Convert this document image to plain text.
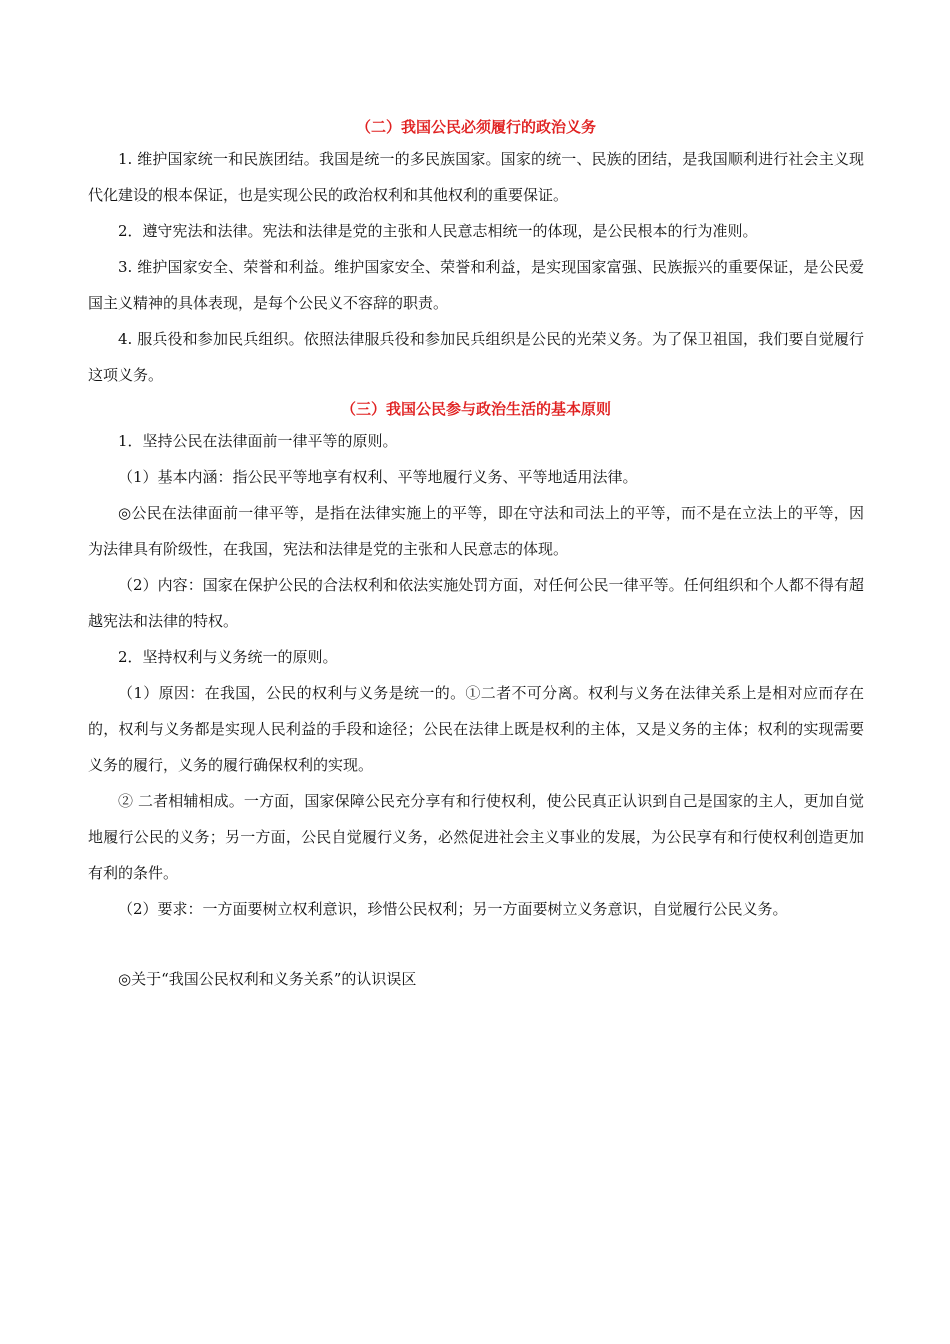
（二）我国公民必须履行的政治义务

1. 维护国家统一和民族团结。我国是统一的多民族国家。国家的统一、民族的团结，是我国顺利进行社会主义现代化建设的根本保证，也是实现公民的政治权利和其他权利的重要保证。

2．遵守宪法和法律。宪法和法律是党的主张和人民意志相统一的体现，是公民根本的行为准则。

3. 维护国家安全、荣誉和利益。维护国家安全、荣誉和利益，是实现国家富强、民族振兴的重要保证，是公民爱国主义精神的具体表现，是每个公民义不容辞的职责。

4. 服兵役和参加民兵组织。依照法律服兵役和参加民兵组织是公民的光荣义务。为了保卫祖国，我们要自觉履行这项义务。

（三）我国公民参与政治生活的基本原则

1．坚持公民在法律面前一律平等的原则。

（1）基本内涵：指公民平等地享有权利、平等地履行义务、平等地适用法律。

◎公民在法律面前一律平等，是指在法律实施上的平等，即在守法和司法上的平等，而不是在立法上的平等，因为法律具有阶级性，在我国，宪法和法律是党的主张和人民意志的体现。

（2）内容：国家在保护公民的合法权利和依法实施处罚方面，对任何公民一律平等。任何组织和个人都不得有超越宪法和法律的特权。

2．坚持权利与义务统一的原则。

（1）原因：在我国，公民的权利与义务是统一的。①二者不可分离。权利与义务在法律关系上是相对应而存在的，权利与义务都是实现人民利益的手段和途径；公民在法律上既是权利的主体，又是义务的主体；权利的实现需要义务的履行，义务的履行确保权利的实现。

② 二者相辅相成。一方面，国家保障公民充分享有和行使权利，使公民真正认识到自己是国家的主人，更加自觉地履行公民的义务；另一方面，公民自觉履行义务，必然促进社会主义事业的发展，为公民享有和行使权利创造更加有利的条件。

（2）要求：一方面要树立权利意识，珍惜公民权利；另一方面要树立义务意识，自觉履行公民义务。

◎关于“我国公民权利和义务关系”的认识误区
